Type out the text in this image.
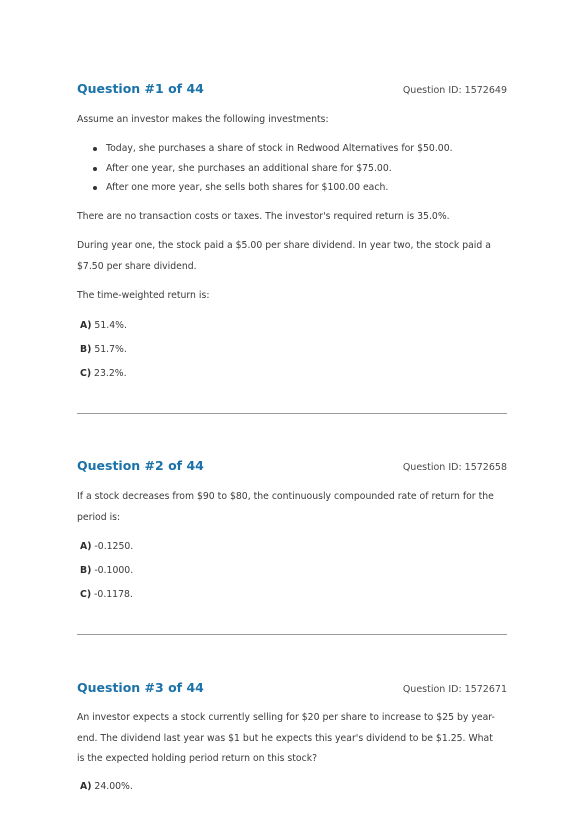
Question #1 of 44	Question ID: 1572649

Assume an investor makes the following investments:

Today, she purchases a share of stock in Redwood Alternatives for $50.00.
After one year, she purchases an additional share for $75.00.
After one more year, she sells both shares for $100.00 each.

There are no transaction costs or taxes. The investor's required return is 35.0%.

During year one, the stock paid a $5.00 per share dividend. In year two, the stock paid a $7.50 per share dividend.

The time-weighted return is:

A) 51.4%.
B) 51.7%.
C) 23.2%.
Question #2 of 44	Question ID: 1572658

If a stock decreases from $90 to $80, the continuously compounded rate of return for the period is:

A) -0.1250.
B) -0.1000.
C) -0.1178.
Question #3 of 44	Question ID: 1572671

An investor expects a stock currently selling for $20 per share to increase to $25 by year-end. The dividend last year was $1 but he expects this year's dividend to be $1.25. What is the expected holding period return on this stock?

A) 24.00%.
